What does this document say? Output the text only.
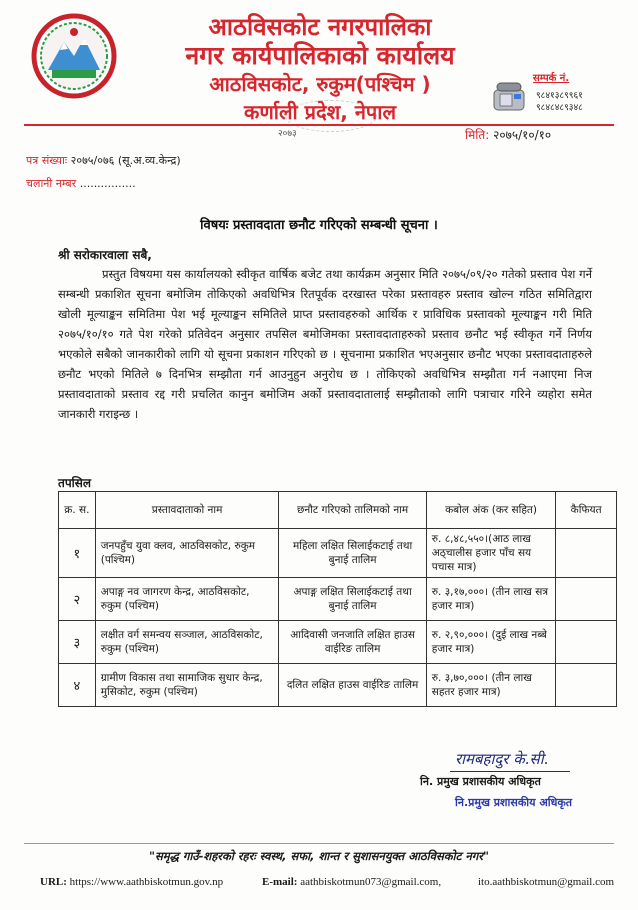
आठविसकोट नगरपालिका
नगर कार्यपालिकाको कार्यालय
आठविसकोट, रुकुम(पश्चिम )
कर्णाली प्रदेश, नेपाल
२०७३
सम्पर्क नं.
९८४१३८९९६१
९८४८४८९३४८
मिति: २०७५/१०/१०
पत्र संख्याः २०७५/०७६ (सू.अ.व्य.केन्द्र)
चलानी नम्बर ................
विषयः प्रस्तावदाता छनौट गरिएको सम्बन्धी सूचना ।
श्री सरोकारवाला सबै,
प्रस्तुत विषयमा यस कार्यालयको स्वीकृत वार्षिक बजेट तथा कार्यक्रम अनुसार मिति २०७५/०९/२० गतेको प्रस्ताव पेश गर्ने सम्बन्धी प्रकाशित सूचना बमोजिम तोकिएको अवधिभित्र रितपूर्वक दरखास्त परेका प्रस्तावहरु प्रस्ताव खोल्न गठित समितिद्वारा खोली मूल्याङ्कन समितिमा पेश भई मूल्याङ्कन समितिले प्राप्त प्रस्तावहरुको आर्थिक र प्राविधिक प्रस्तावको मूल्याङ्कन गरी मिति २०७५/१०/१० गते पेश गरेको प्रतिवेदन अनुसार तपसिल बमोजिमका प्रस्तावदाताहरुको प्रस्ताव छनौट भई स्वीकृत गर्ने निर्णय भएकोले सबैको जानकारीको लागि यो सूचना प्रकाशन गरिएको छ । सूचनामा प्रकाशित भएअनुसार छनौट भएका प्रस्तावदाताहरुले छनौट भएको मितिले ७ दिनभित्र सम्झौता गर्न आउनुहुन अनुरोध छ । तोकिएको अवधिभित्र सम्झौता गर्न नआएमा निज प्रस्तावदाताको प्रस्ताव रद्द गरी प्रचलित कानुन बमोजिम अर्को प्रस्तावदातालाई सम्झौताको लागि पत्राचार गरिने व्यहोरा समेत जानकारी गराइन्छ ।
तपसिल
क्र. स.	प्रस्तावदाताको नाम	छनौट गरिएको तालिमको नाम	कबोल अंक (कर सहित)	कैफियत
१	जनपहुँच युवा क्लव, आठविसकोट, रुकुम (पश्चिम)	महिला लक्षित सिलाईकटाई तथा बुनाई तालिम	रु. ८,४८,५५०।(आठ लाख अठ्चालीस हजार पाँच सय पचास मात्र)	
२	अपाङ्ग नव जागरण केन्द्र, आठविसकोट, रुकुम (पश्चिम)	अपाङ्ग लक्षित सिलाईकटाई तथा बुनाई तालिम	रु. ३,१७,०००। (तीन लाख सत्र हजार मात्र)	
३	लक्षीत वर्ग समन्वय सञ्जाल, आठविसकोट, रुकुम (पश्चिम)	आदिवासी जनजाति लक्षित हाउस वाईरिङ तालिम	रु. २,९०,०००। (दुई लाख नब्बे हजार मात्र)	
४	ग्रामीण विकास तथा सामाजिक सुधार केन्द्र, मुसिकोट, रुकुम (पश्चिम)	दलित लक्षित हाउस वाईरिङ तालिम	रु. ३,७०,०००। (तीन लाख सहतर हजार मात्र)	
रामबहादुर के.सी.
नि. प्रमुख प्रशासकीय अधिकृत
नि.प्रमुख प्रशासकीय अधिकृत
"समृद्ध गाउँ-शहरको रहरः स्वस्थ, सफा, शान्त र सुशासनयुक्त आठविसकोट नगर"
URL: https://www.aathbiskotmun.gov.np	E-mail: aathbiskotmun073@gmail.com,	ito.aathbiskotmun@gmail.com
